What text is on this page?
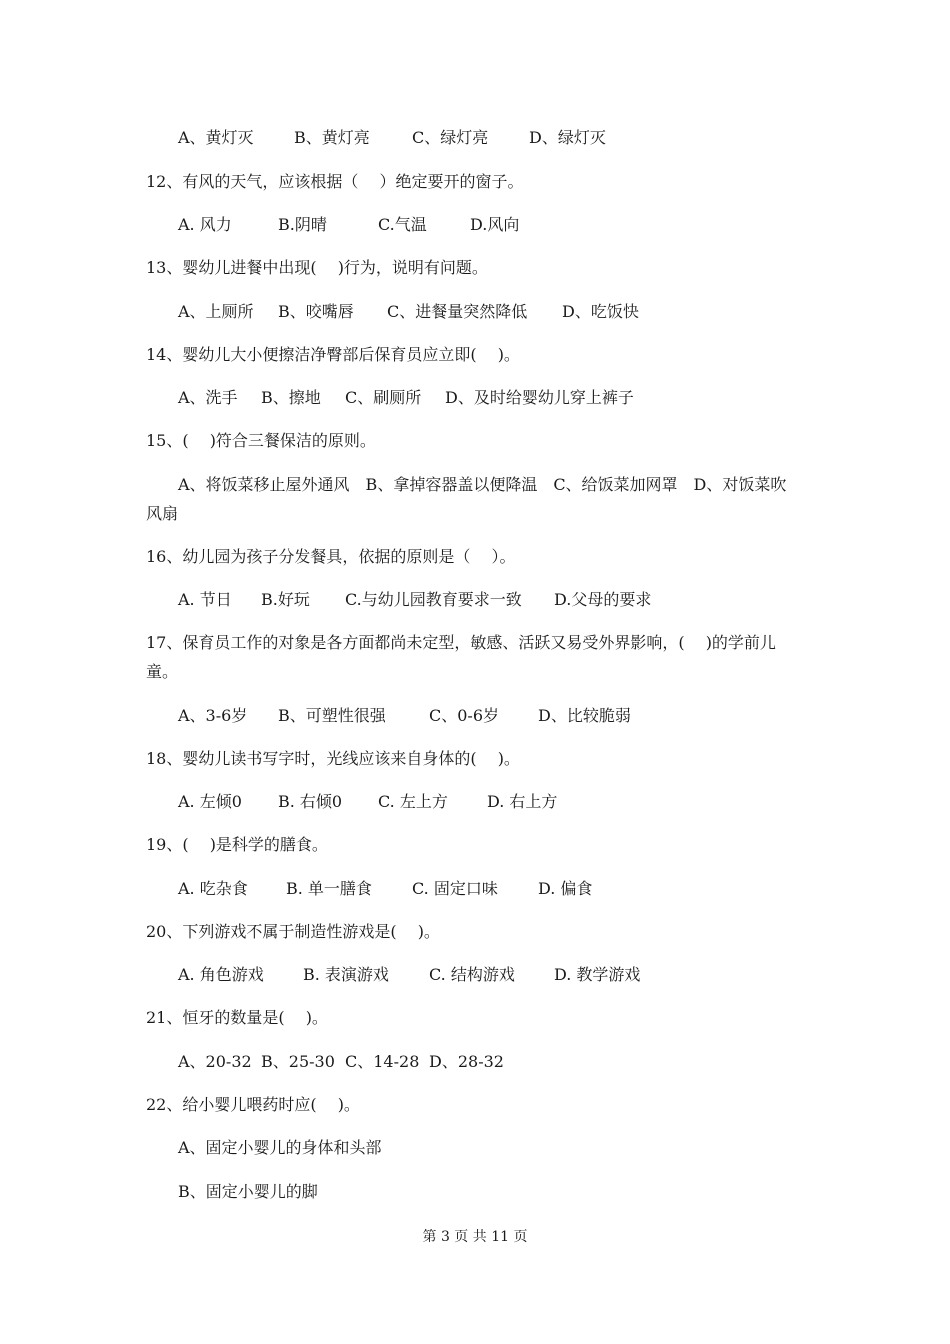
A、黄灯灭	B、黄灯亮	C、绿灯亮	D、绿灯灭
12、有风的天气，应该根据（　 ）绝定要开的窗子。
A. 风力	B.阴晴	C.气温	D.风向
13、婴幼儿进餐中出现(　 )行为，说明有问题。
A、上厕所 B、咬嘴唇 C、进餐量突然降低 D、吃饭快
14、婴幼儿大小便擦洁净臀部后保育员应立即(　 )。
A、洗手 B、擦地 C、刷厕所 D、及时给婴幼儿穿上裤子
15、(　 )符合三餐保洁的原则。
A、将饭菜移止屋外通风　B、拿掉容器盖以便降温　C、给饭菜加网罩　D、对饭菜吹
风扇
16、幼儿园为孩子分发餐具，依据的原则是（　 ）。
A. 节日 B.好玩 C.与幼儿园教育要求一致 D.父母的要求
17、保育员工作的对象是各方面都尚未定型，敏感、活跃又易受外界影响，(　 )的学前儿
童。
A、3-6岁 B、可塑性很强	C、0-6岁 D、比较脆弱
18、婴幼儿读书写字时，光线应该来自身体的(　 )。
A. 左倾0 B. 右倾0 C. 左上方 D. 右上方
19、(　 )是科学的膳食。
A. 吃杂食 B. 单一膳食	C. 固定口味	D. 偏食
20、下列游戏不属于制造性游戏是(　 )。
A. 角色游戏 B. 表演游戏	C. 结构游戏 D. 教学游戏
21、恒牙的数量是(　 )。
A、20-32 B、25-30 C、14-28 D、28-32
22、给小婴儿喂药时应(　 )。
A、固定小婴儿的身体和头部
B、固定小婴儿的脚
第 3 页 共 11 页
